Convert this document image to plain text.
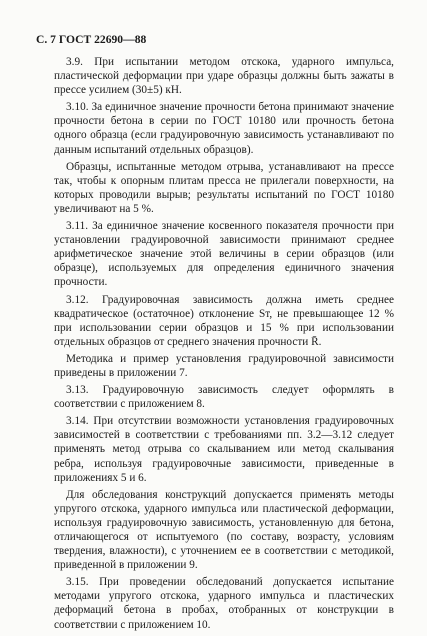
С. 7 ГОСТ 22690—88

3.9. При испытании методом отскока, ударного импульса, пластической деформации при ударе образцы должны быть зажаты в прессе усилием (30±5) кН.

3.10. За единичное значение прочности бетона принимают значение прочности бетона в серии по ГОСТ 10180 или прочность бетона одного образца (если градуировочную зависимость устанавливают по данным испытаний отдельных образцов).

Образцы, испытанные методом отрыва, устанавливают на прессе так, чтобы к опорным плитам пресса не прилегали поверхности, на которых проводили вырыв; результаты испытаний по ГОСТ 10180 увеличивают на 5 %.

3.11. За единичное значение косвенного показателя прочности при установлении градуировочной зависимости принимают среднее арифметическое значение этой величины в серии образцов (или образце), используемых для определения единичного значения прочности.

3.12. Градуировочная зависимость должна иметь среднее квадратическое (остаточное) отклонение Sт, не превышающее 12 % при использовании серии образцов и 15 % при использовании отдельных образцов от среднего значения прочности R̄.

Методика и пример установления градуировочной зависимости приведены в приложении 7.

3.13. Градуировочную зависимость следует оформлять в соответствии с приложением 8.

3.14. При отсутствии возможности установления градуировочных зависимостей в соответствии с требованиями пп. 3.2—3.12 следует применять метод отрыва со скалыванием или метод скалывания ребра, используя градуировочные зависимости, приведенные в приложениях 5 и 6.

Для обследования конструкций допускается применять методы упругого отскока, ударного импульса или пластической деформации, используя градуировочную зависимость, установленную для бетона, отличающегося от испытуемого (по составу, возрасту, условиям твердения, влажности), с уточнением ее в соответствии с методикой, приведенной в приложении 9.

3.15. При проведении обследований допускается испытание методами упругого отскока, ударного импульса и пластических деформаций бетона в пробах, отобранных от конструкции в соответствии с приложением 10.
